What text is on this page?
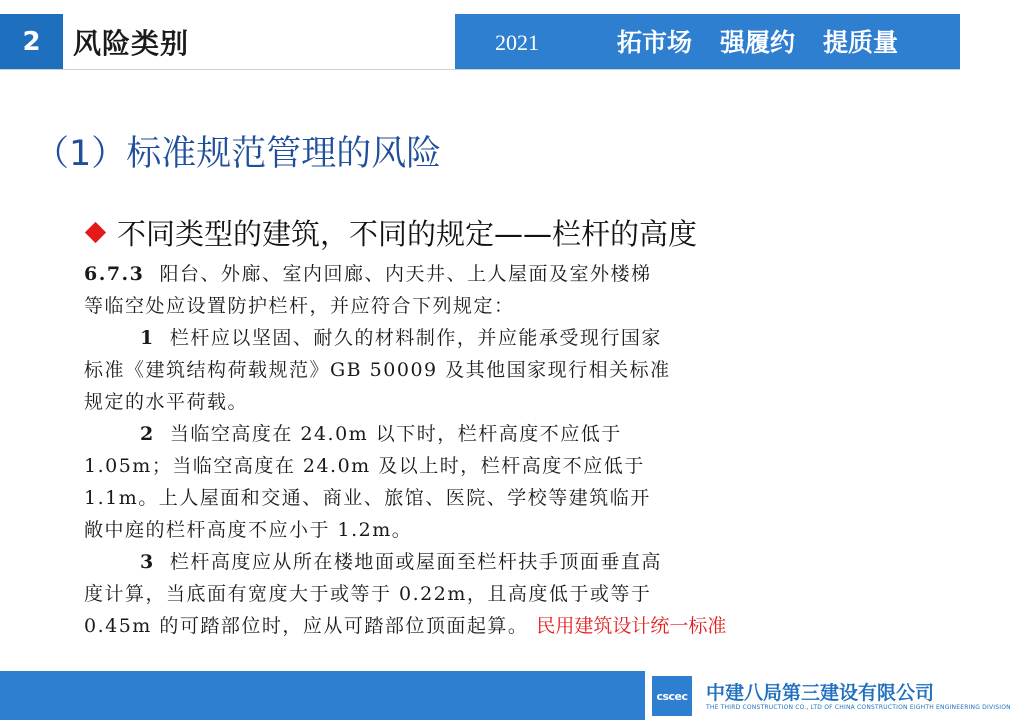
2 风险类别	2021	拓市场 强履约 提质量
（1）标准规范管理的风险
不同类型的建筑，不同的规定——栏杆的高度
6.7.3 阳台、外廊、室内回廊、内天井、上人屋面及室外楼梯
等临空处应设置防护栏杆，并应符合下列规定：
1 栏杆应以坚固、耐久的材料制作，并应能承受现行国家
标准《建筑结构荷载规范》GB 50009 及其他国家现行相关标准
规定的水平荷载。
2 当临空高度在 24.0m 以下时，栏杆高度不应低于
1.05m；当临空高度在 24.0m 及以上时，栏杆高度不应低于
1.1m。上人屋面和交通、商业、旅馆、医院、学校等建筑临开
敞中庭的栏杆高度不应小于 1.2m。
3 栏杆高度应从所在楼地面或屋面至栏杆扶手顶面垂直高
度计算，当底面有宽度大于或等于 0.22m，且高度低于或等于
0.45m 的可踏部位时，应从可踏部位顶面起算。 民用建筑设计统一标准
cscec 中建八局第三建设有限公司
THE THIRD CONSTRUCTION CO., LTD OF CHINA CONSTRUCTION EIGHTH ENGINEERING DIVISION
